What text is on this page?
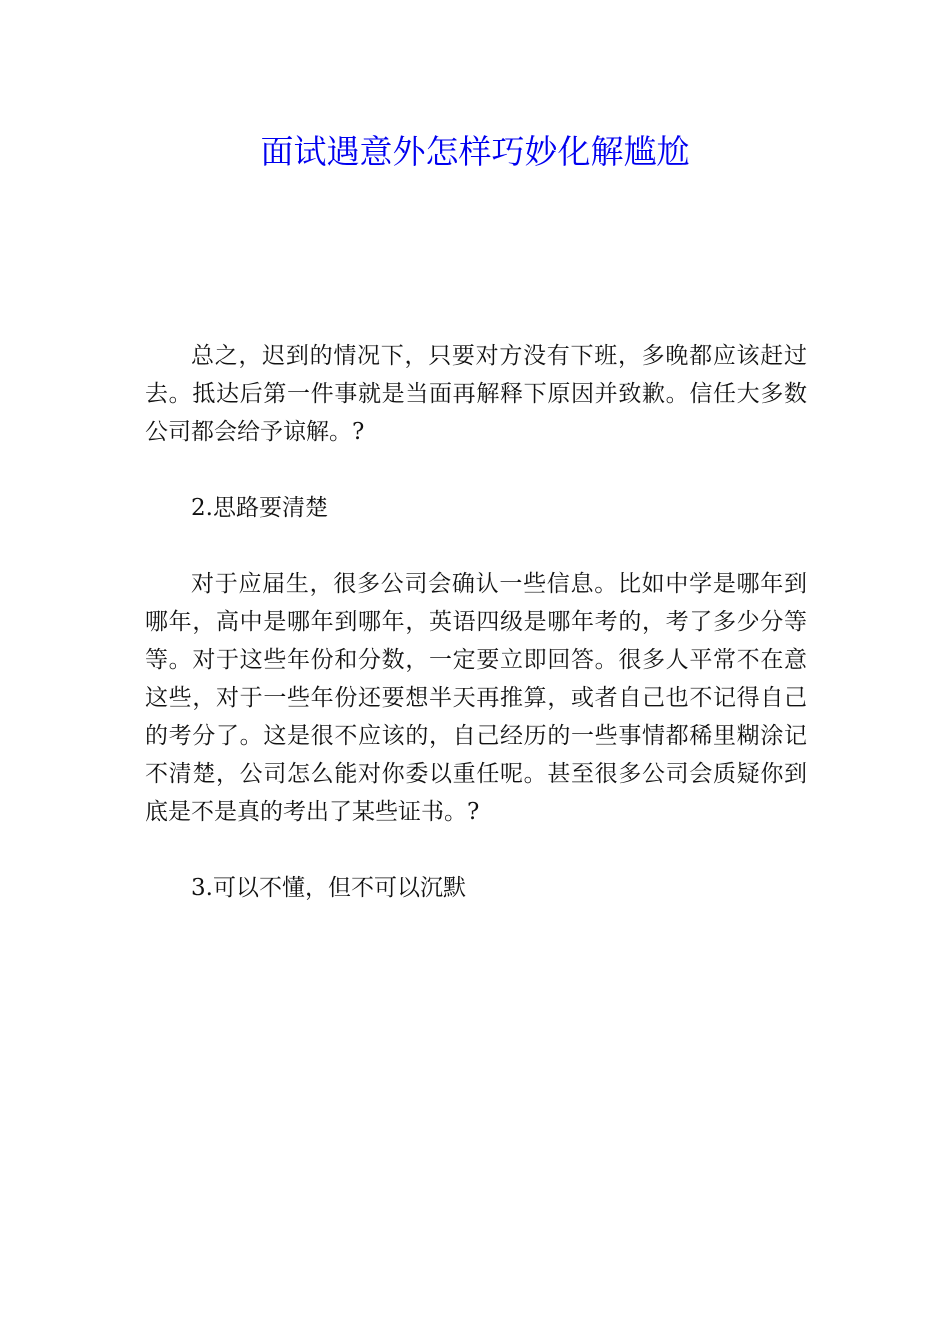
面试遇意外怎样巧妙化解尴尬

总之，迟到的情况下，只要对方没有下班，多晚都应该赶过去。抵达后第一件事就是当面再解释下原因并致歉。信任大多数公司都会给予谅解。?

2.思路要清楚

对于应届生，很多公司会确认一些信息。比如中学是哪年到哪年，高中是哪年到哪年，英语四级是哪年考的，考了多少分等等。对于这些年份和分数，一定要立即回答。很多人平常不在意这些，对于一些年份还要想半天再推算，或者自己也不记得自己的考分了。这是很不应该的，自己经历的一些事情都稀里糊涂记不清楚，公司怎么能对你委以重任呢。甚至很多公司会质疑你到底是不是真的考出了某些证书。?

3.可以不懂，但不可以沉默
